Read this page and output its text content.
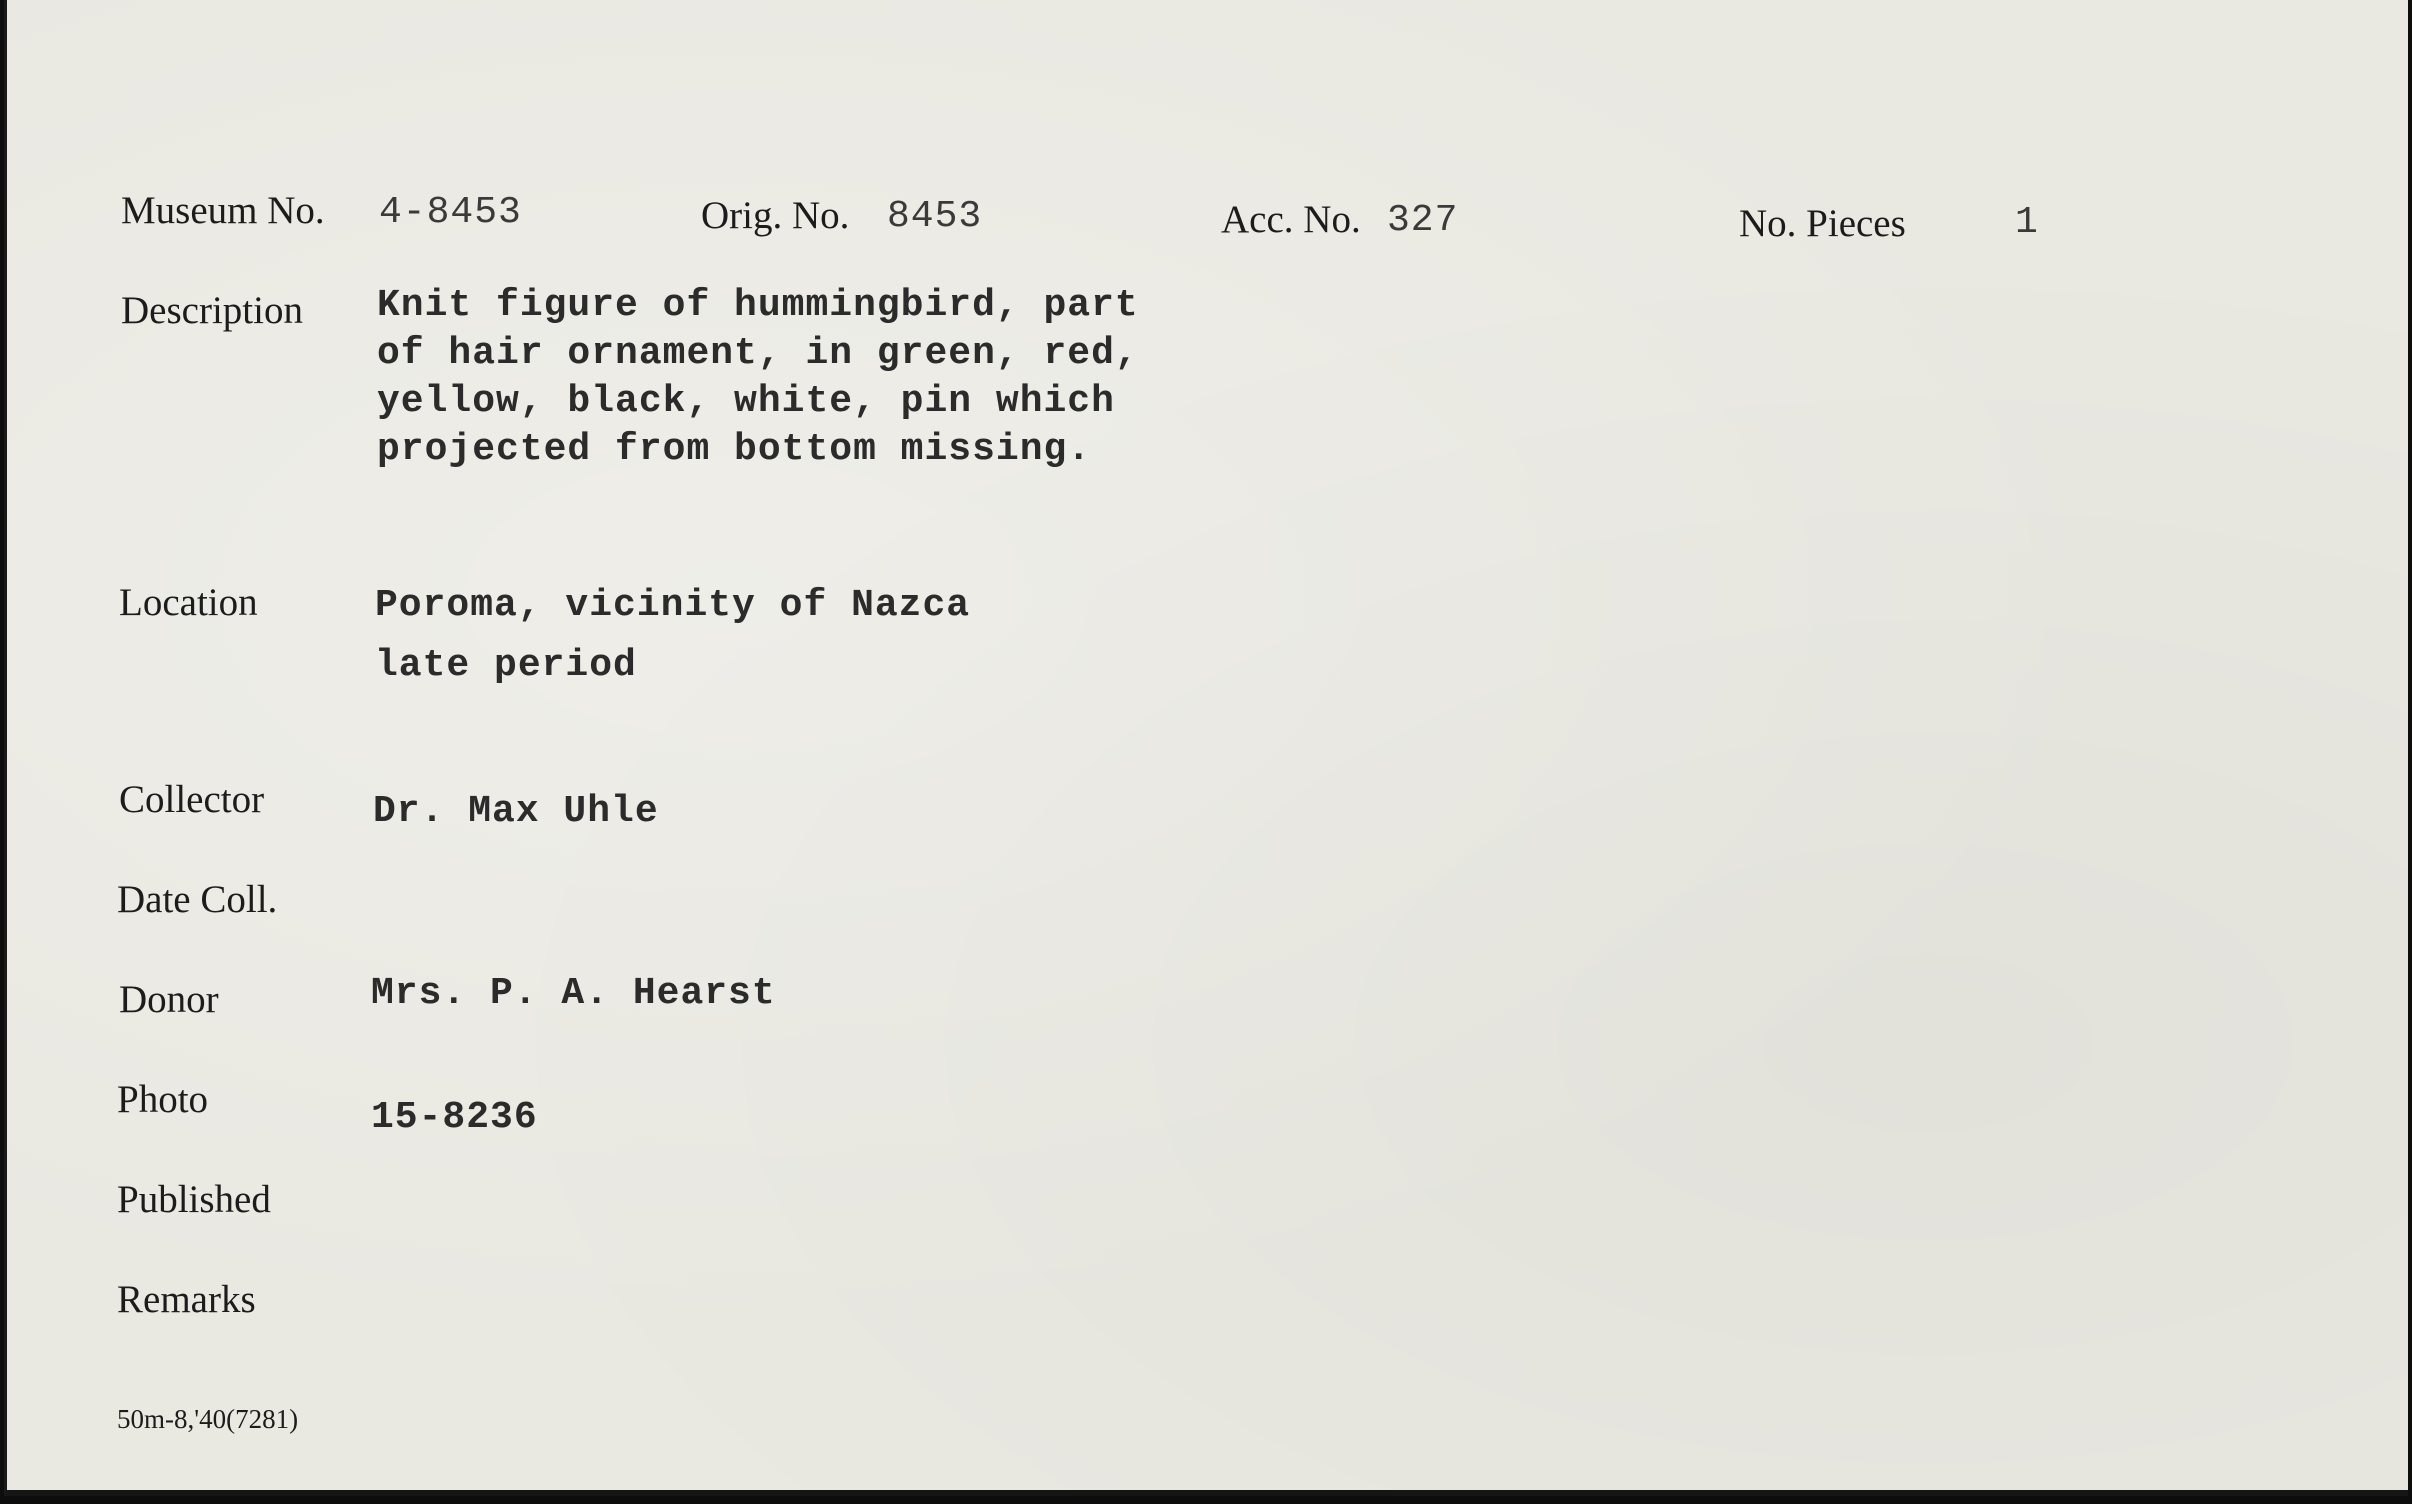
Museum No. 4-8453	Orig. No. 8453	Acc. No. 327	No. Pieces	1
Description Knit figure of hummingbird, part
of hair ornament, in green, red,
yellow, black, white, pin which
projected from bottom missing.
Location	Poroma, vicinity of Nazca
late period
Collector	Dr. Max Uhle
Date Coll.
Donor	Mrs. P. A. Hearst
Photo	15-8236
Published
Remarks
50m-8,'40(7281)
